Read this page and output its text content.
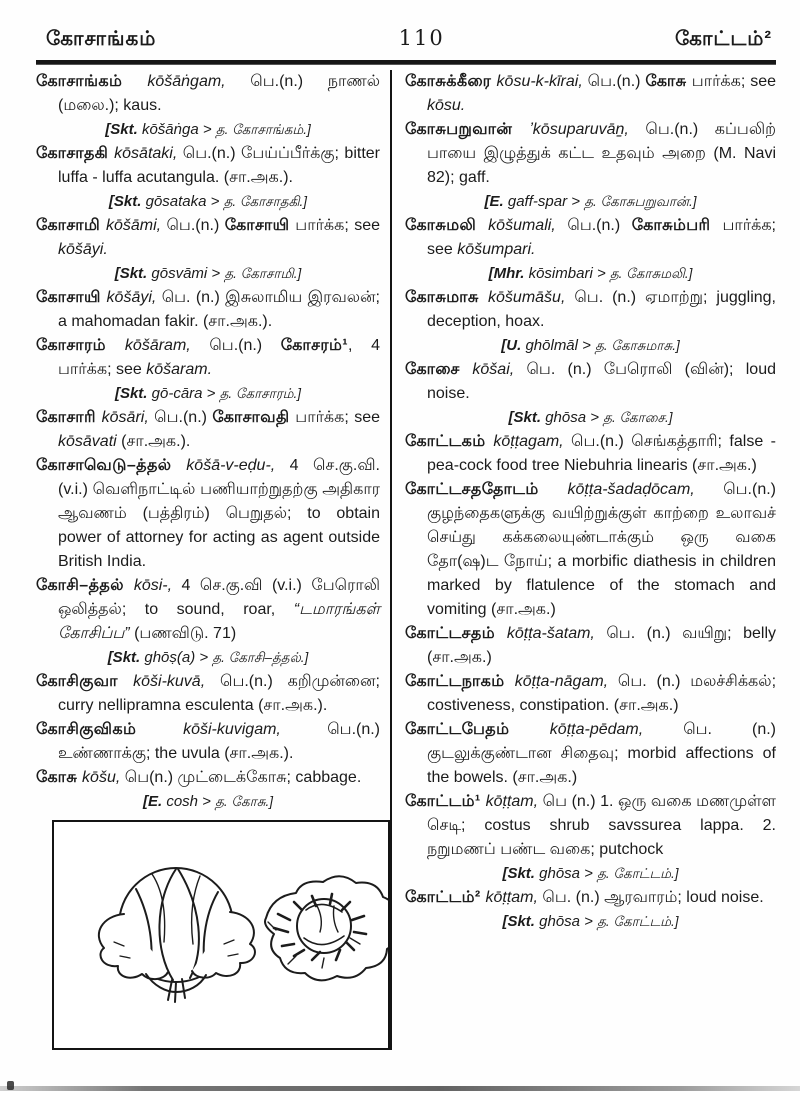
கோசாங்கம்	110	கோட்டம்²

கோசாங்கம் kōšāṅgam, பெ.(n.) நாணல் (மலை.); kaus.

[Skt. kōšāṅga > த. கோசாங்கம்.]

கோசாதகி kōsātaki, பெ.(n.) பேய்ப்பீர்க்கு; bitter luffa - luffa acutangula. (சா.அக.).

[Skt. gōsataka > த. கோசாதகி.]

கோசாமி kōšāmi, பெ.(n.) கோசாயி பார்க்க; see kōšāyi.

[Skt. gōsvāmi > த. கோசாமி.]

கோசாயி kōšāyi, பெ. (n.) இசுலாமிய இரவலன்; a mahomadan fakir. (சா.அக.).

கோசாரம் kōšāram, பெ.(n.) கோசரம்¹, 4 பார்க்க; see kōšaram.

[Skt. gō-cāra > த. கோசாரம்.]

கோசாரி kōsāri, பெ.(n.) கோசாவதி பார்க்க; see kōsāvati (சா.அக.).

கோசாவெடு–த்தல் kōšā-v-eḍu-, 4 செ.கு.வி. (v.i.) வெளிநாட்டில் பணியாற்றுதற்கு அதிகார ஆவணம் (பத்திரம்) பெறுதல்; to obtain power of attorney for acting as agent outside British India.

கோசி–த்தல் kōsi-, 4 செ.கு.வி (v.i.) பேரொலி ஒலித்தல்; to sound, roar, “டமாரங்கள் கோசிப்ப” (பணவிடு. 71)

[Skt. ghōṣ(a) > த. கோசி–த்தல்.]

கோசிகுவா kōši-kuvā, பெ.(n.) கறிமுன்னை; curry nellipramna esculenta (சா.அக.).

கோசிகுவிகம் kōši-kuvigam, பெ.(n.) உண்ணாக்கு; the uvula (சா.அக.).

கோசு kōšu, பெ(n.) முட்டைக்கோசு; cabbage.

[E. cosh > த. கோசு.]

கோசுக்கீரை kōsu-k-kīrai, பெ.(n.) கோசு பார்க்க; see kōsu.

கோசுபறுவான் ʼkōsuparuvāṉ, பெ.(n.) கப்பலிற் பாயை இழுத்துக் கட்ட உதவும் அறை (M. Navi 82); gaff.

[E. gaff-spar > த. கோசுபறுவான்.]

கோசுமலி kōšumali, பெ.(n.) கோசும்பரி பார்க்க; see kōšumpari.

[Mhr. kōsimbari > த. கோசுமலி.]

கோசுமாசு kōšumāšu, பெ. (n.) ஏமாற்று; juggling, deception, hoax.

[U. ghōlmāl > த. கோசுமாசு.]

கோசை kōšai, பெ. (n.) பேரொலி (வின்); loud noise.

[Skt. ghōsa > த. கோசை.]

கோட்டகம் kōṭṭagam, பெ.(n.) செங்கத்தாரி; false - pea-cock food tree Niebuhria linearis (சா.அக.)

கோட்டசததோடம் kōṭṭa-šadaḍōcam, பெ.(n.) குழந்தைகளுக்கு வயிற்றுக்குள் காற்றை உலாவச் செய்து கக்கலையுண்டாக்கும் ஒரு வகை தோ(ஷ)ட நோய்; a morbific diathesis in children marked by flatulence of the stomach and vomiting (சா.அக.)

கோட்டசதம் kōṭṭa-šatam, பெ. (n.) வயிறு; belly (சா.அக.)

கோட்டநாகம் kōṭṭa-nāgam, பெ. (n.) மலச்சிக்கல்; costiveness, constipation. (சா.அக.)

கோட்டபேதம் kōṭṭa-pēdam, பெ. (n.) குடலுக்குண்டான சிதைவு; morbid affections of the bowels. (சா.அக.)

கோட்டம்¹ kōṭṭam, பெ (n.) 1. ஒரு வகை மணமுள்ள செடி; costus shrub savssurea lappa. 2. நறுமணப் பண்ட வகை; putchock

[Skt. ghōsa > த. கோட்டம்.]

கோட்டம்² kōṭṭam, பெ. (n.) ஆரவாரம்; loud noise.

[Skt. ghōsa > த. கோட்டம்.]
